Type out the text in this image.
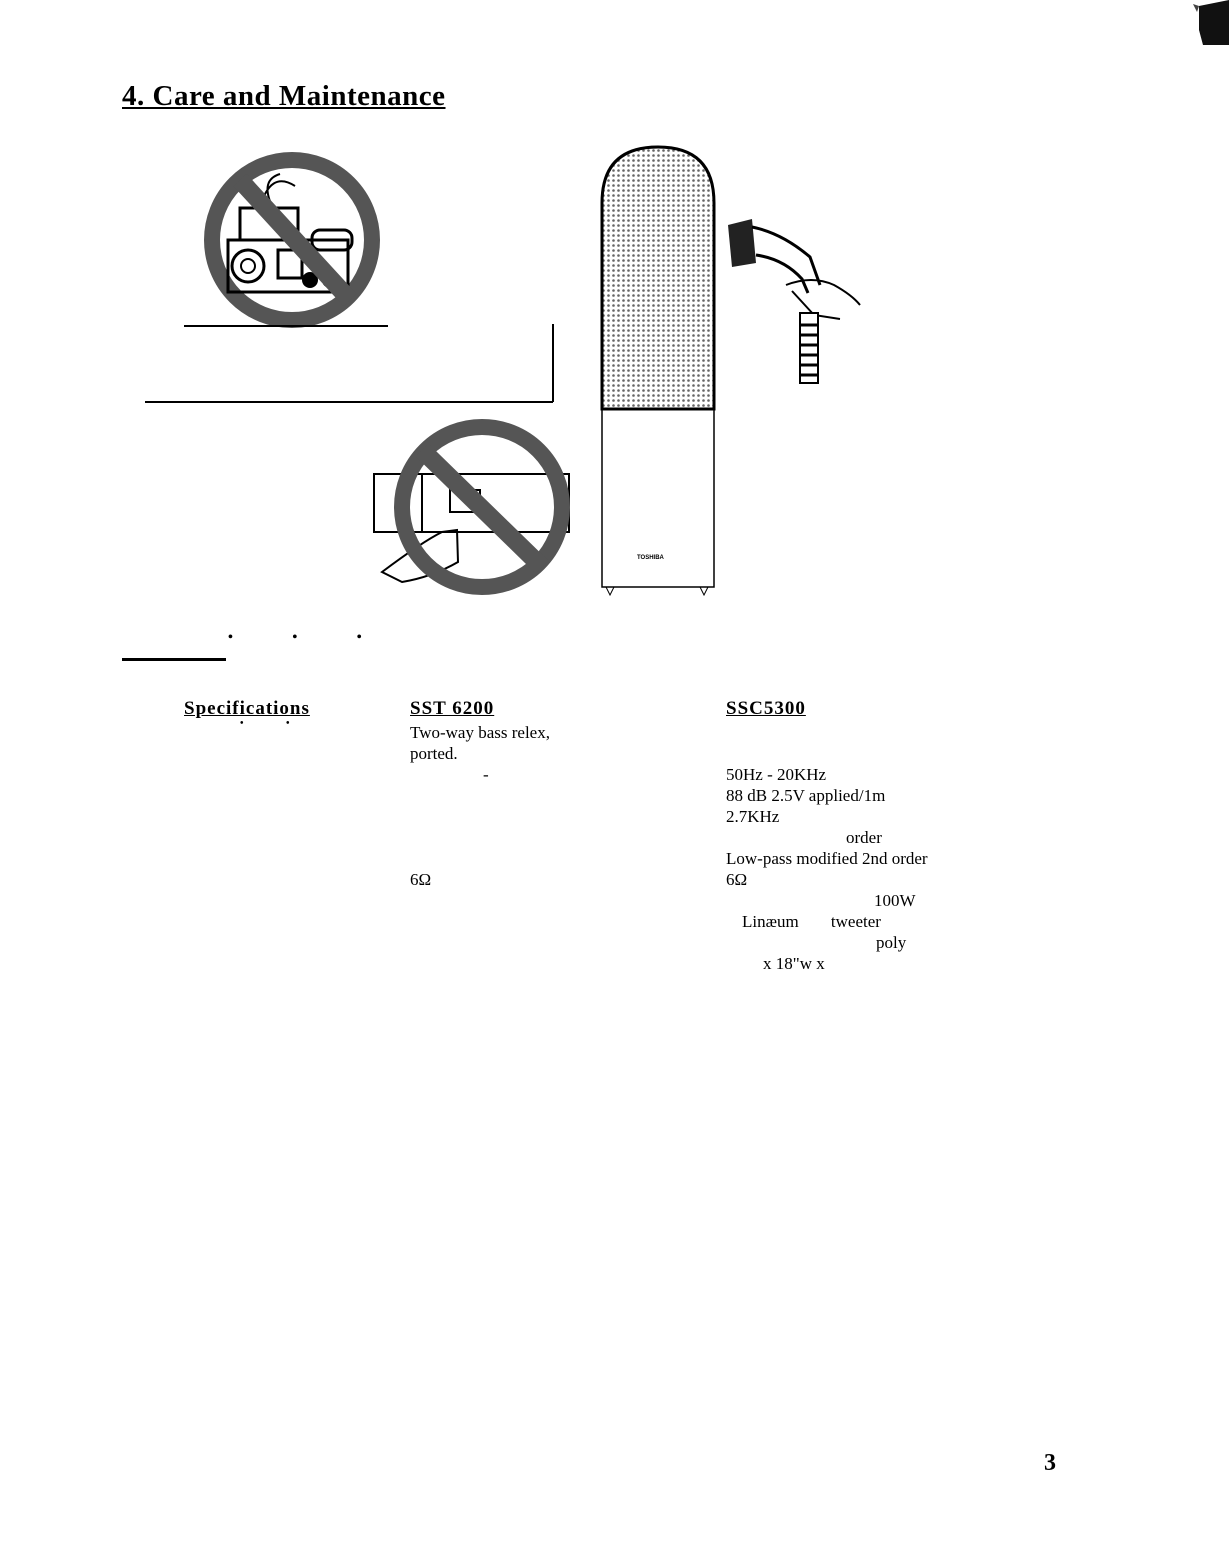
4. Care and Maintenance
TOSHIBA
• • •
Specifications
• •
SST 6200
Two-way bass relex,
ported.
-
6Ω
SSC5300
50Hz - 20KHz
88 dB 2.5V applied/1m
2.7KHz
order
Low-pass modified 2nd order
6Ω
100W
Linæum tweeter
poly
x 18"w x
3
